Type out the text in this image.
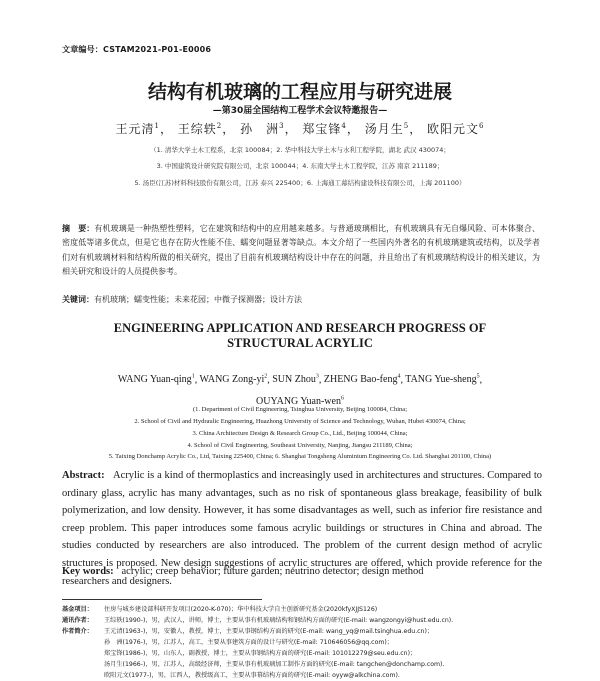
文章编号：CSTAM2021-P01-E0006
结构有机玻璃的工程应用与研究进展
—第30届全国结构工程学术会议特邀报告—
王元清$^1$， 王综轶$^2$， 孙　洲$^3$， 郑宝锋$^4$， 汤月生$^5$， 欧阳元文$^6$
（1. 清华大学土木工程系，北京 100084；2. 华中科技大学土木与水利工程学院，湖北 武汉 430074；
3. 中国建筑设计研究院有限公司，北京 100044；4. 东南大学土木工程学院，江苏 南京 211189；
5. 汤臣(江苏)材料科技股份有限公司，江苏 泰兴 225400；6. 上海通工幕结构建设科技有限公司，上海 201100）
摘　要：有机玻璃是一种热塑性塑料，它在建筑和结构中的应用越来越多。与普通玻璃相比，有机玻璃具有无自爆风险、可本体聚合、密度低等诸多优点，但是它也存在防火性能不佳、蠕变问题显著等缺点。本文介绍了一些国内外著名的有机玻璃建筑或结构，以及学者们对有机玻璃材料和结构所做的相关研究，提出了目前有机玻璃结构设计中存在的问题，并且给出了有机玻璃结构设计的相关建议，为相关研究和设计的人员提供参考。
关键词：有机玻璃；蠕变性能；未来花园；中微子探测器；设计方法
ENGINEERING APPLICATION AND RESEARCH PROGRESS OF
STRUCTURAL ACRYLIC
WANG Yuan-qing$^1$, WANG Zong-$yi^2$, SUN Zhou$^3$, ZHENG Bao-feng$^4$, TANG Yue-sheng$^5$,
OUYANG Yuan-wen$^6$
(1. Department of Civil Engineering, Tsinghua University, Beijing 100084, China;
2. School of Civil and Hydraulic Engineering, Huazhong University of Science and Technology, Wuhan, Hubei 430074, China;
3. China Architecture Design & Research Group Co., Ltd., Beijing 100044, China;
4. School of Civil Engineering, Southeast University, Nanjing, Jiangsu 211189, China;
5. Taixing Donchamp Acrylic Co., Ltd, Taixing 225400, China; 6. Shanghai Tongsheng Aluminium Engineering Co. Ltd. Shanghai 201100, China)
Abstract: Acrylic is a kind of thermoplastics and increasingly used in architectures and structures. Compared to ordinary glass, acrylic has many advantages, such as no risk of spontaneous glass breakage, feasibility of bulk polymerization, and low density. However, it has some disadvantages as well, such as inferior fire resistance and creep problem. This paper introduces some famous acrylic buildings or structures in China and abroad. The studies conducted by researchers are also introduced. The problem of the current design method of acrylic structures is proposed. New design suggestions of acrylic structures are offered, which provide reference for the researchers and designers.
Key words: acrylic; creep behavior; future garden; neutrino detector; design method
基金项目： 住房与城乡建设部科研开发项目(2020-K-070)；华中科技大学自主创新研究基金(2020kfyXJJS126)
通讯作者： 王综轶(1990-)，男，武汉人，讲师，博士，主要从事有机玻璃结构和钢结构方面的研究(E-mail: wangzongyi@hust.edu.cn).
作者简介： 王元清(1963-)，男，安徽人，教授，博士，主要从事钢结构方面的研究(E-mail: wang_yq@mail.tsinghua.edu.cn)；
孙　洲(1976-)，男，江苏人，高工，主要从事建筑方面的设计与研究(E-mail: 710646056@qq.com)；
郑宝锋(1986-)，男，山东人，副教授，博士，主要从事钢结构方面的研究(E-mail: 101012279@seu.edu.cn)；
汤月生(1966-)，男，江苏人，高级经济师，主要从事有机玻璃加工制作方面的研究(E-mail: tangchen@donchamp.com).
欧阳元文(1977-)，男，江西人，教授级高工，主要从事幕结构方面的研究(E-mail: oyyw@alkchina.com).
